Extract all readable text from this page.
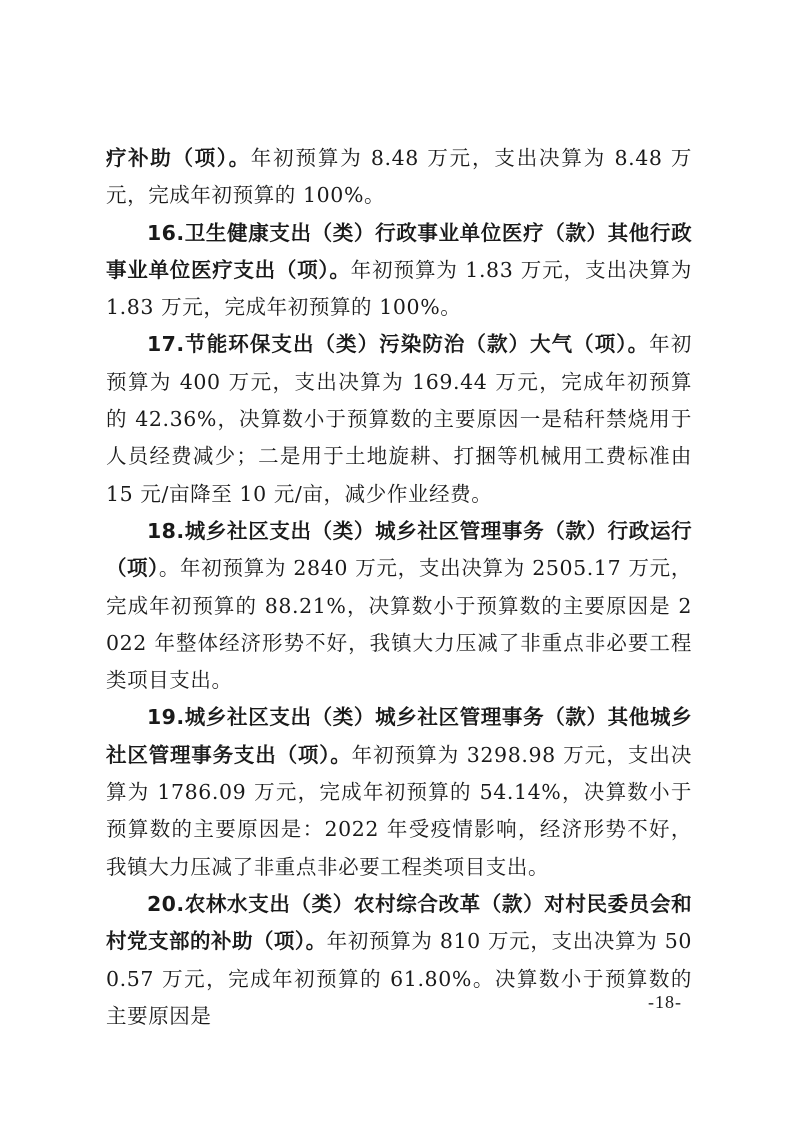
疗补助（项）。年初预算为 8.48 万元，支出决算为 8.48 万元，完成年初预算的 100%。

16.卫生健康支出（类）行政事业单位医疗（款）其他行政事业单位医疗支出（项）。年初预算为 1.83 万元，支出决算为 1.83 万元，完成年初预算的 100%。

17.节能环保支出（类）污染防治（款）大气（项）。年初预算为 400 万元，支出决算为 169.44 万元，完成年初预算的 42.36%，决算数小于预算数的主要原因一是秸秆禁烧用于人员经费减少；二是用于土地旋耕、打捆等机械用工费标准由 15 元/亩降至 10 元/亩，减少作业经费。

18.城乡社区支出（类）城乡社区管理事务（款）行政运行（项）。年初预算为 2840 万元，支出决算为 2505.17 万元，完成年初预算的 88.21%，决算数小于预算数的主要原因是 2022 年整体经济形势不好，我镇大力压减了非重点非必要工程类项目支出。

19.城乡社区支出（类）城乡社区管理事务（款）其他城乡社区管理事务支出（项）。年初预算为 3298.98 万元，支出决算为 1786.09 万元，完成年初预算的 54.14%，决算数小于预算数的主要原因是：2022 年受疫情影响，经济形势不好，我镇大力压减了非重点非必要工程类项目支出。

20.农林水支出（类）农村综合改革（款）对村民委员会和村党支部的补助（项）。年初预算为 810 万元，支出决算为 500.57 万元，完成年初预算的 61.80%。决算数小于预算数的主要原因是

-18-
